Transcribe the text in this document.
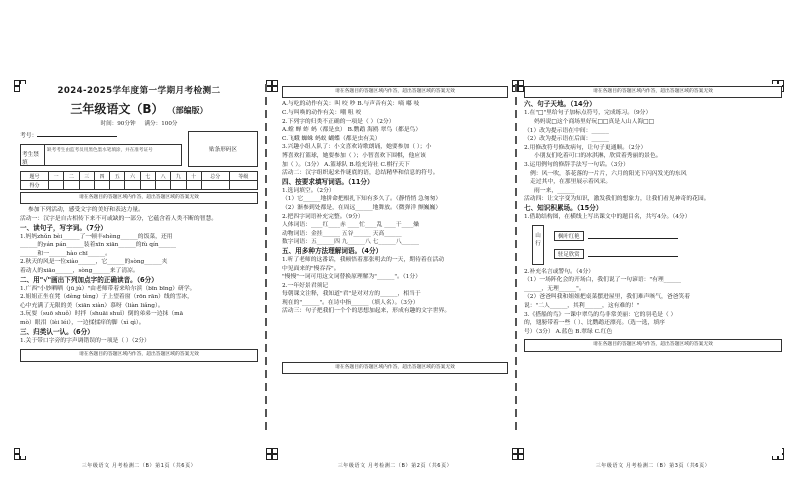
2024-2025学年度第一学期月考检测二
三年级语文（B） （部编版）
时间：90分钟 满分：100分
考号：
考生禁填
缺考考生由监考员用黑色墨水笔填涂，并在准考证号	贴条形码区
题号	一	二	三	四	五	六	七	八	九	十	总分	等级
得分												
请在各题目的答题区域内作答，超出答题区域的答案无效
参加下列活动，感受文字的美好和表达力量。
活动一：汉字是自古相传下来不可或缺的一部分，它蕴含着人类不断的智慧。
一、读句子，写字词。（7分）
1.妈妈zhǔn bèi______了一顿丰shèng______的饭菜，还用
______的yán pán______装着xīn xiān______的fù qín______
______和一______hào chī______。
2.秋天的风是一位xiào______，它______的sòng______夹
着动人的xiāo______，sòng______来了清凉。
二、用"√"画出下列加点字的正确读音。（6分）
1.广西"小妙晒晒（jū jù）"由老师带着来哈尔滨（bīn bīng）研学。
2.姐姐正坐在凳（dèng tèng）子上望着窗（rōn rān）线的雪冰，
心中充满了无限的美（xiān xiàn）慕呀（liàn liǎng）。
3.玩耍（suō shuǒ）时拌（shuāi shuǐ）倒的弟弟一边抹（mā
mò）眼泪（lèi léi），一边揉揉痒的脚（xì qì）。
三、归类认一认。（6分）
1.关于带口字旁的字声调错误的一项是（ ）（2分）
请在各题目的答题区域内作答，超出答题区域的答案无效
三年级语文 月考检测二（B）第1页（共6页）
请在各题目的答题区域内作答，超出答题区域的答案无效
A.与吃的动作有关：叫 咬 吵 B.与声音有关：嘀 嘟 吱
C.与叫唤的动作有关：嘲 咀 咬
2.下列字的归类不正确的一项是（ ）（2分）
A.螳 蝉 蚱 蚂（都是虫） B.鹦鹉 海鸥 翠鸟（都是鸟）
C.飞蛾 蜘蛛 蚂蚁 蝴蝶（都是虫有关）
3.兴趣小组人队了：小文喜欢诗歌朗诵，她要参加（ ）；小
博喜欢打篮球，她要参加（ ）；小智喜欢下围棋，他应该
加（ ）。（3分） A.篮球队 B.绘充诗社 C.棋行天下
活动二：汉字组织起来作谜底的语，总结精华和信息的符号。
四、按要求填写词语。（11分）
1.选词填空。（2分）
（1）它______地拼命把根扎下知有多久了。（静悄悄 急匆匆）
（2）渐参到处都是，在周远______地舞放。（微弹洋 颤巍巍）
2.把四字词语补充完整。（9分）
人体词语：____红____赤 ____忙____乱 ____干____燥
动物词语：金挂______ 五谷______ 天高______
数字词语：五______四 九______八 七______八______
五、用多种方法理解词语。（4分）
1.听了老师的这番话，我顿悟着那张明去的一天，期待着在活动
中见面来的"慢吞吞"。
"慢慢"一词可用这文词替换原理解为"______"。（1分）
2.一年好景君须记
每朝课文注释，我知道"君"是对对方的______，相当于
现在的"______"。在诗中指______（填人名）。（3分）
活动三：句子把我们一个个的思想加起来，形成有趣的文字世界。
请在各题目的答题区域内作答，超出答题区域的答案无效
三年级语文 月考检测二（B）第2页（共6页）
请在各题目的答题区域内作答，超出答题区域的答案无效
六、句子天地。（14分）
1.在"□"里给句子加标点符号，完成练习。（9分）
妈妈说□这个商场里好玩□□真是人山人海□□
（1）改为提示语在中间：______
（2）改为提示语在后面：______
2.用修改符号修改病句，让句子更通顺。（2分）
小朋友们吃着可口的冰淇淋，欣赏着秀丽的景色。
3.运用例句的修辞手法写一句话。（3分）
例：风一吹，茶花落的一片片，六月的阳光下闪闪发光的东风
走过其中，在那里展示着风采。
雨一来，______
活动四：让文字变为知识，激发我们的想象力，让我们看见神奇的花园。
七、知识积累场。（15分）
1.借助结构图，在横线上写出课文中的题目名，共写4分。（4分）
山行
枫叶红艳
驻足欣赏
2.补充名言或警句。（4分）
（1）一场阵化会的开场白，我们说了一句谚语："有理______
______，无理______"。
（2）爸爸叫我和姐姐把桌菜摆进屋里，我们难声咳气，爸爸笑着
说："二人______，其利______，这有难的！"
3.《搭船的鸟》一课中翠鸟的鸟非常美丽：它的羽毛是（ ）
的，翅膀带着一些（ ）、比鹦鹉还漂亮。（选一选，填序
号）（3分） A.蓝色 B.翠绿 C.红色
请在各题目的答题区域内作答，超出答题区域的答案无效
三年级语文 月考检测二（B）第3页（共6页）
